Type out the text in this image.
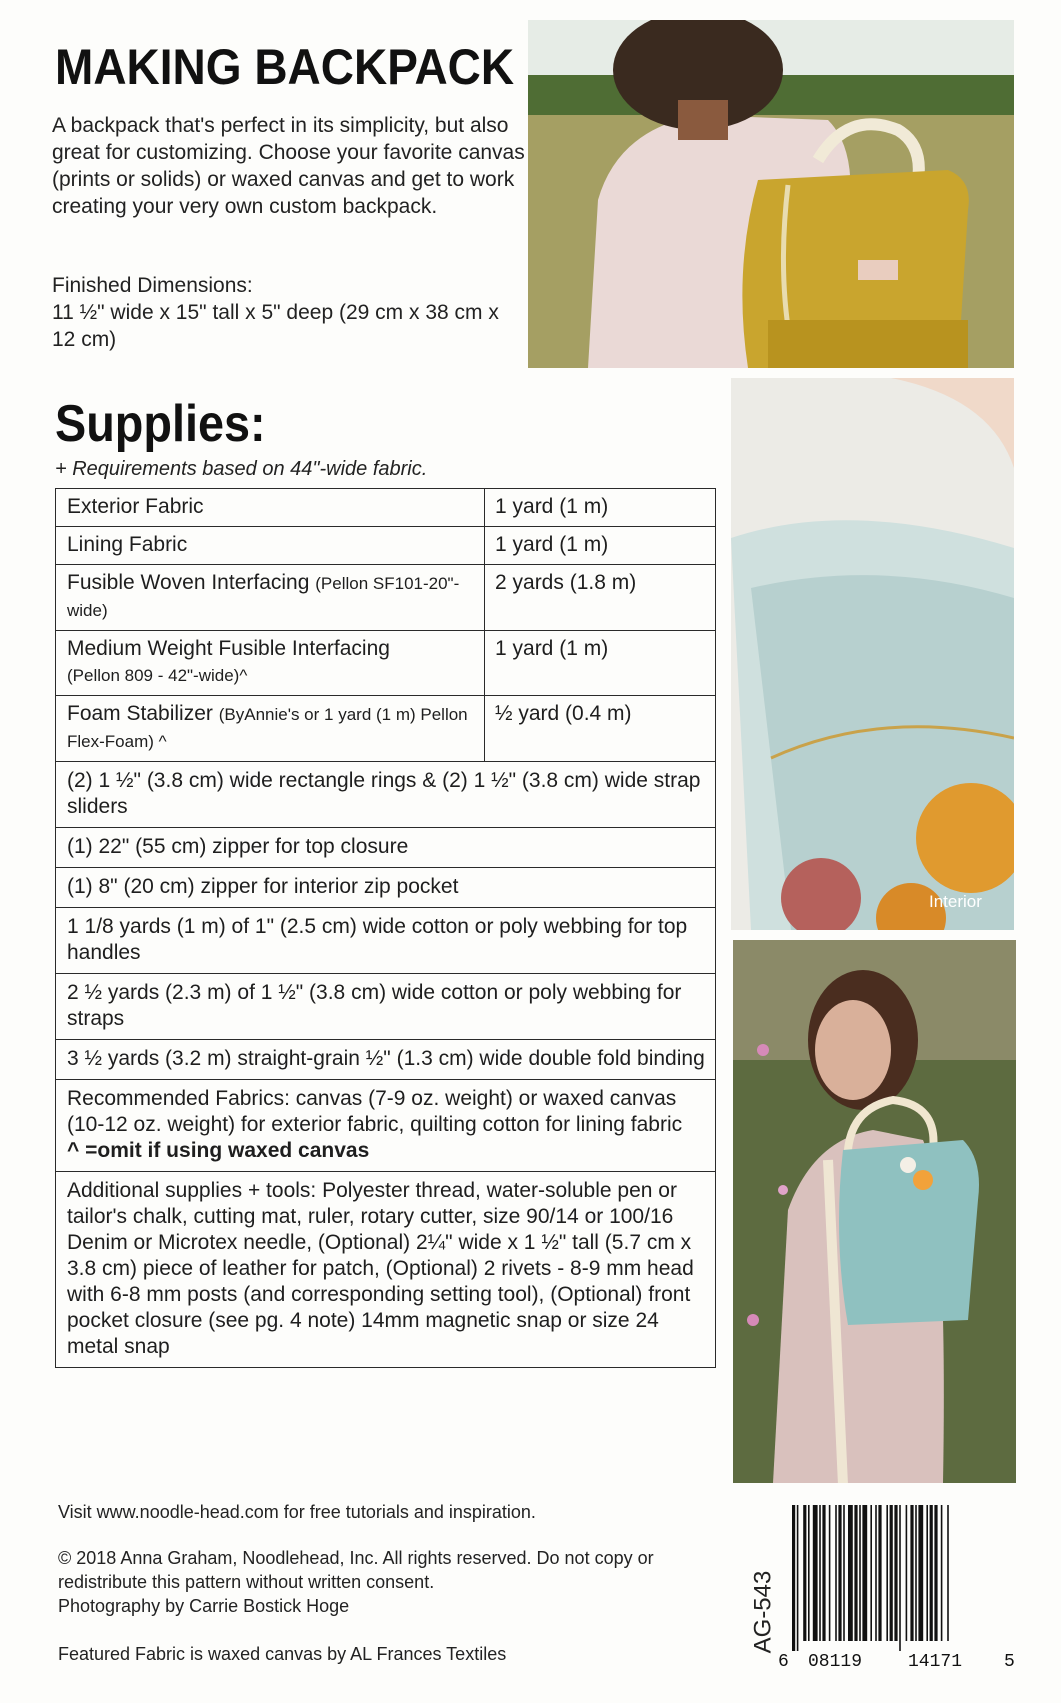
MAKING BACKPACK
A backpack that's perfect in its simplicity, but also great for customizing. Choose your favorite canvas (prints or solids) or waxed canvas and get to work creating your very own custom backpack.
Finished Dimensions:
11 ½" wide x 15" tall x 5" deep (29 cm x 38 cm x 12 cm)
Interior
Supplies:
+ Requirements based on 44"-wide fabric.
Exterior Fabric	1 yard (1 m)
Lining Fabric	1 yard (1 m)
Fusible Woven Interfacing (Pellon SF101-20"-wide)	2 yards (1.8 m)
Medium Weight Fusible Interfacing
(Pellon 809 - 42"-wide)^	1 yard (1 m)
Foam Stabilizer (ByAnnie's or 1 yard (1 m) Pellon Flex-Foam) ^	½ yard (0.4 m)
(2) 1 ½" (3.8 cm) wide rectangle rings & (2) 1 ½" (3.8 cm) wide strap sliders	
(1) 22" (55 cm) zipper for top closure	
(1) 8" (20 cm) zipper for interior zip pocket	
1 1/8 yards (1 m) of 1" (2.5 cm) wide cotton or poly webbing for top handles	
2 ½ yards (2.3 m) of 1 ½" (3.8 cm) wide cotton or poly webbing for straps	
3 ½ yards (3.2 m) straight-grain ½" (1.3 cm) wide double fold binding	

Recommended Fabrics: canvas (7-9 oz. weight) or waxed canvas (10-12 oz. weight) for exterior fabric, quilting cotton for lining fabric
^ =omit if using waxed canvas	

Additional supplies + tools: Polyester thread, water-soluble pen or tailor's chalk, cutting mat, ruler, rotary cutter, size 90/14 or 100/16 Denim or Microtex needle, (Optional) 2¼" wide x 1 ½" tall (5.7 cm x 3.8 cm) piece of leather for patch, (Optional) 2 rivets - 8-9 mm head with 6-8 mm posts (and corresponding setting tool), (Optional) front pocket closure (see pg. 4 note) 14mm magnetic snap or size 24 metal snap	
Visit www.noodle-head.com for free tutorials and inspiration.
© 2018 Anna Graham, Noodlehead, Inc. All rights reserved. Do not copy or redistribute this pattern without written consent.
Photography by Carrie Bostick Hoge
Featured Fabric is waxed canvas by AL Frances Textiles
AG-543
6 08119	14171 5
